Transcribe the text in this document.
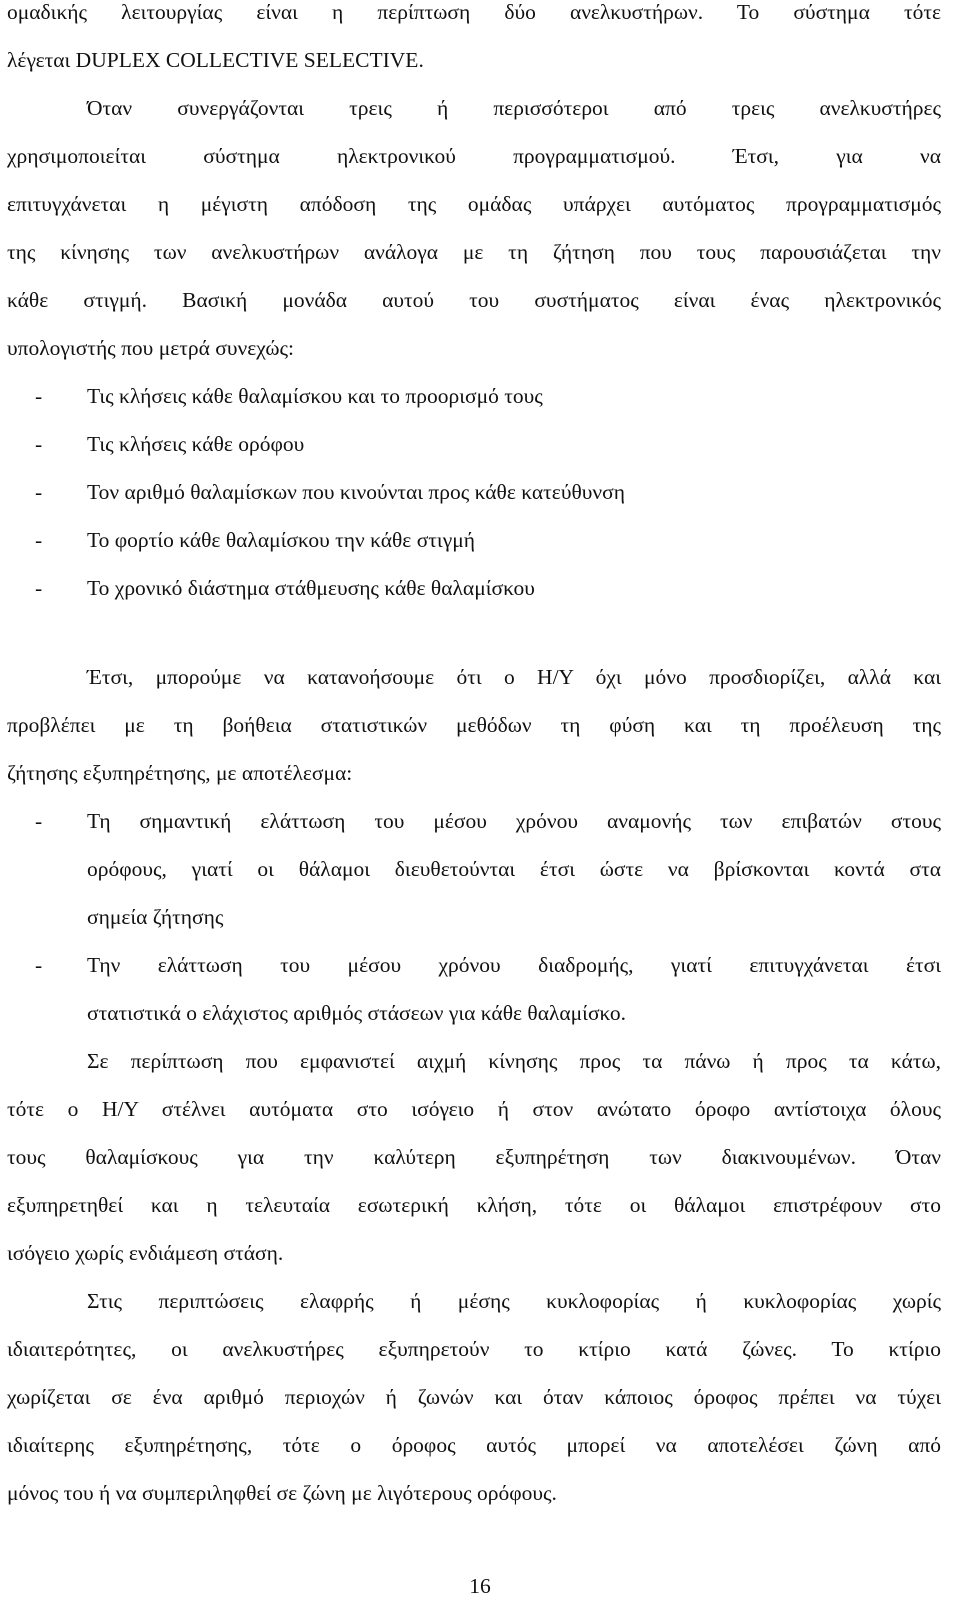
ομαδικής λειτουργίας είναι η περίπτωση δύο ανελκυστήρων. Το σύστημα τότε
λέγεται DUPLEX COLLECTIVE SELECTIVE.
Όταν συνεργάζονται τρεις ή περισσότεροι από τρεις ανελκυστήρες
χρησιμοποιείται σύστημα ηλεκτρονικού προγραμματισμού. Έτσι, για να
επιτυγχάνεται η μέγιστη απόδοση της ομάδας υπάρχει αυτόματος προγραμματισμός
της κίνησης των ανελκυστήρων ανάλογα με τη ζήτηση που τους παρουσιάζεται την
κάθε στιγμή. Βασική μονάδα αυτού του συστήματος είναι ένας ηλεκτρονικός
υπολογιστής που μετρά συνεχώς:
-	Τις κλήσεις κάθε θαλαμίσκου και το προορισμό τους
-	Τις κλήσεις κάθε ορόφου
-	Τον αριθμό θαλαμίσκων που κινούνται προς κάθε κατεύθυνση
-	Το φορτίο κάθε θαλαμίσκου την κάθε στιγμή
-	Το χρονικό διάστημα στάθμευσης κάθε θαλαμίσκου
Έτσι, μπορούμε να κατανοήσουμε ότι ο Η/Υ όχι μόνο προσδιορίζει, αλλά και
προβλέπει με τη βοήθεια στατιστικών μεθόδων τη φύση και τη προέλευση της
ζήτησης εξυπηρέτησης, με αποτέλεσμα:
-	Τη σημαντική ελάττωση του μέσου χρόνου αναμονής των επιβατών στους
ορόφους, γιατί οι θάλαμοι διευθετούνται έτσι ώστε να βρίσκονται κοντά στα
σημεία ζήτησης
-	Την ελάττωση του μέσου χρόνου διαδρομής, γιατί επιτυγχάνεται έτσι
στατιστικά ο ελάχιστος αριθμός στάσεων για κάθε θαλαμίσκο.
Σε περίπτωση που εμφανιστεί αιχμή κίνησης προς τα πάνω ή προς τα κάτω,
τότε ο Η/Υ στέλνει αυτόματα στο ισόγειο ή στον ανώτατο όροφο αντίστοιχα όλους
τους θαλαμίσκους για την καλύτερη εξυπηρέτηση των διακινουμένων. Όταν
εξυπηρετηθεί και η τελευταία εσωτερική κλήση, τότε οι θάλαμοι επιστρέφουν στο
ισόγειο χωρίς ενδιάμεση στάση.
Στις περιπτώσεις ελαφρής ή μέσης κυκλοφορίας ή κυκλοφορίας χωρίς
ιδιαιτερότητες, οι ανελκυστήρες εξυπηρετούν το κτίριο κατά ζώνες. Το κτίριο
χωρίζεται σε ένα αριθμό περιοχών ή ζωνών και όταν κάποιος όροφος πρέπει να τύχει
ιδιαίτερης εξυπηρέτησης, τότε ο όροφος αυτός μπορεί να αποτελέσει ζώνη από
μόνος του ή να συμπεριληφθεί σε ζώνη με λιγότερους ορόφους.
16
